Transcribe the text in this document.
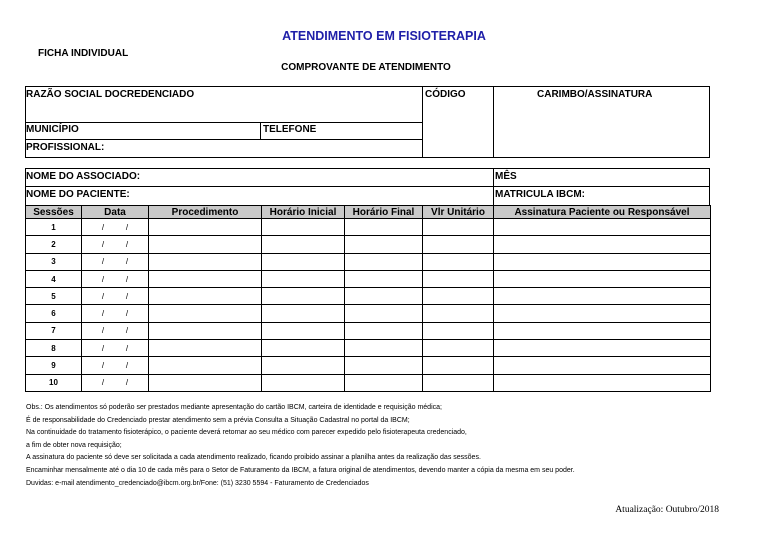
ATENDIMENTO EM FISIOTERAPIA
FICHA INDIVIDUAL
COMPROVANTE DE ATENDIMENTO
RAZÃO SOCIAL DOCREDENCIADO	CÓDIGO	CARIMBO/ASSINATURA
MUNICÍPIO	TELEFONE
PROFISSIONAL:
NOME DO ASSOCIADO:	MÊS
NOME DO PACIENTE:	MATRICULA IBCM:
Sessões	Data	Procedimento	Horário Inicial	Horário Final	Vlr Unitário	Assinatura Paciente ou Responsável
1	/ /					
2	/ /					
3	/ /					
4	/ /					
5	/ /					
6	/ /					
7	/ /					
8	/ /					
9	/ /					
10	/ /					
Obs.: Os atendimentos só poderão ser prestados mediante apresentação do cartão IBCM, carteira de identidade e requisição médica;
É de responsabilidade do Credenciado prestar atendimento sem a prévia Consulta a Situação Cadastral no portal da IBCM;
Na continuidade do tratamento fisioterápico, o paciente deverá retornar ao seu médico com parecer expedido pelo fisioterapeuta credenciado,
a fim de obter nova requisição;
A assinatura do paciente só deve ser solicitada a cada atendimento realizado, ficando proibido assinar a planilha antes da realização das sessões.
Encaminhar mensalmente até o dia 10 de cada mês para o Setor de Faturamento da IBCM, a fatura original de atendimentos, devendo manter a cópia da mesma em seu poder.
Duvidas: e-mail atendimento_credenciado@ibcm.org.br/Fone: (51) 3230 5594 - Faturamento de Credenciados
Atualização: Outubro/2018
